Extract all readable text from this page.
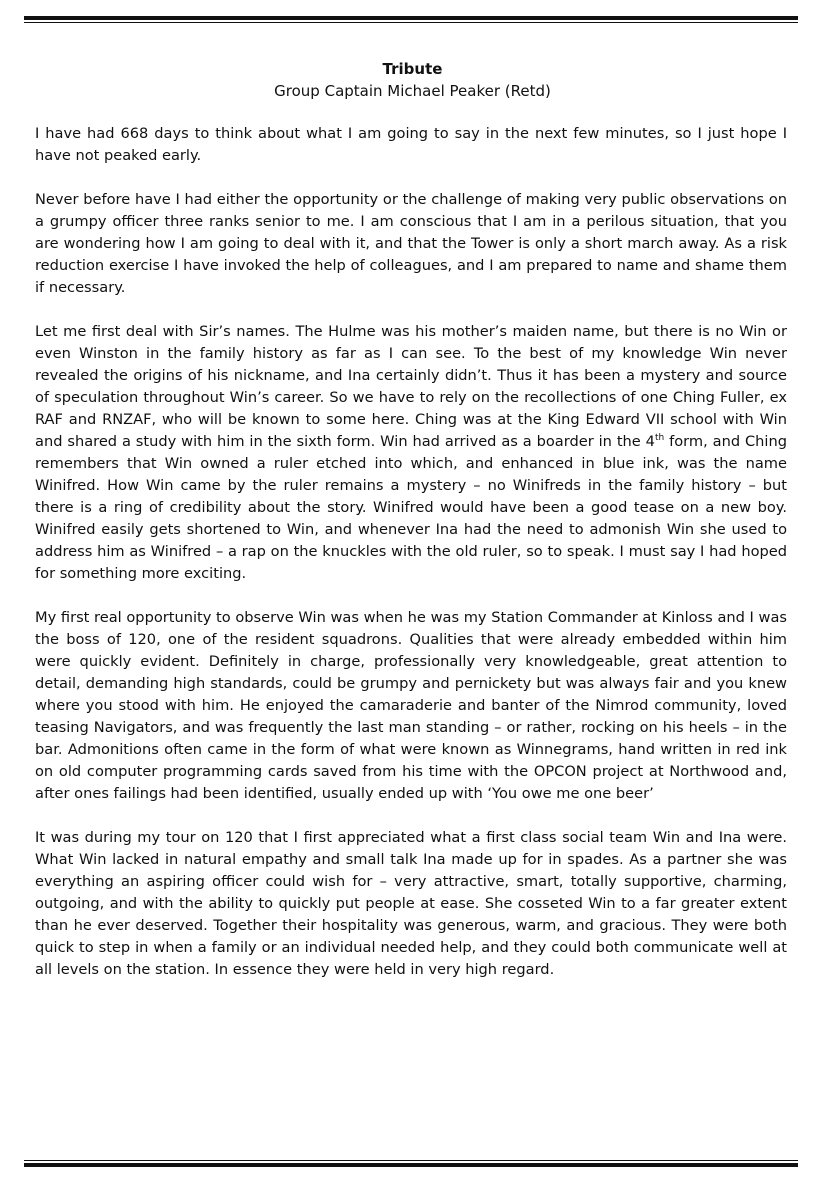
Tribute
Group Captain Michael Peaker (Retd)

I have had 668 days to think about what I am going to say in the next few minutes, so I just hope I have not peaked early.

Never before have I had either the opportunity or the challenge of making very public observations on a grumpy officer three ranks senior to me. I am conscious that I am in a perilous situation, that you are wondering how I am going to deal with it, and that the Tower is only a short march away. As a risk reduction exercise I have invoked the help of colleagues, and I am prepared to name and shame them if necessary.

Let me first deal with Sir’s names. The Hulme was his mother’s maiden name, but there is no Win or even Winston in the family history as far as I can see. To the best of my knowledge Win never revealed the origins of his nickname, and Ina certainly didn’t. Thus it has been a mystery and source of speculation throughout Win’s career. So we have to rely on the recollections of one Ching Fuller, ex RAF and RNZAF, who will be known to some here. Ching was at the King Edward VII school with Win and shared a study with him in the sixth form. Win had arrived as a boarder in the 4th form, and Ching remembers that Win owned a ruler etched into which, and enhanced in blue ink, was the name Winifred. How Win came by the ruler remains a mystery – no Winifreds in the family history – but there is a ring of credibility about the story. Winifred would have been a good tease on a new boy. Winifred easily gets shortened to Win, and whenever Ina had the need to admonish Win she used to address him as Winifred – a rap on the knuckles with the old ruler, so to speak. I must say I had hoped for something more exciting.

My first real opportunity to observe Win was when he was my Station Commander at Kinloss and I was the boss of 120, one of the resident squadrons. Qualities that were already embedded within him were quickly evident. Definitely in charge, professionally very knowledgeable, great attention to detail, demanding high standards, could be grumpy and pernickety but was always fair and you knew where you stood with him. He enjoyed the camaraderie and banter of the Nimrod community, loved teasing Navigators, and was frequently the last man standing – or rather, rocking on his heels – in the bar. Admonitions often came in the form of what were known as Winnegrams, hand written in red ink on old computer programming cards saved from his time with the OPCON project at Northwood and, after ones failings had been identified, usually ended up with ‘You owe me one beer’

It was during my tour on 120 that I first appreciated what a first class social team Win and Ina were. What Win lacked in natural empathy and small talk Ina made up for in spades. As a partner she was everything an aspiring officer could wish for – very attractive, smart, totally supportive, charming, outgoing, and with the ability to quickly put people at ease. She cosseted Win to a far greater extent than he ever deserved. Together their hospitality was generous, warm, and gracious. They were both quick to step in when a family or an individual needed help, and they could both communicate well at all levels on the station. In essence they were held in very high regard.
